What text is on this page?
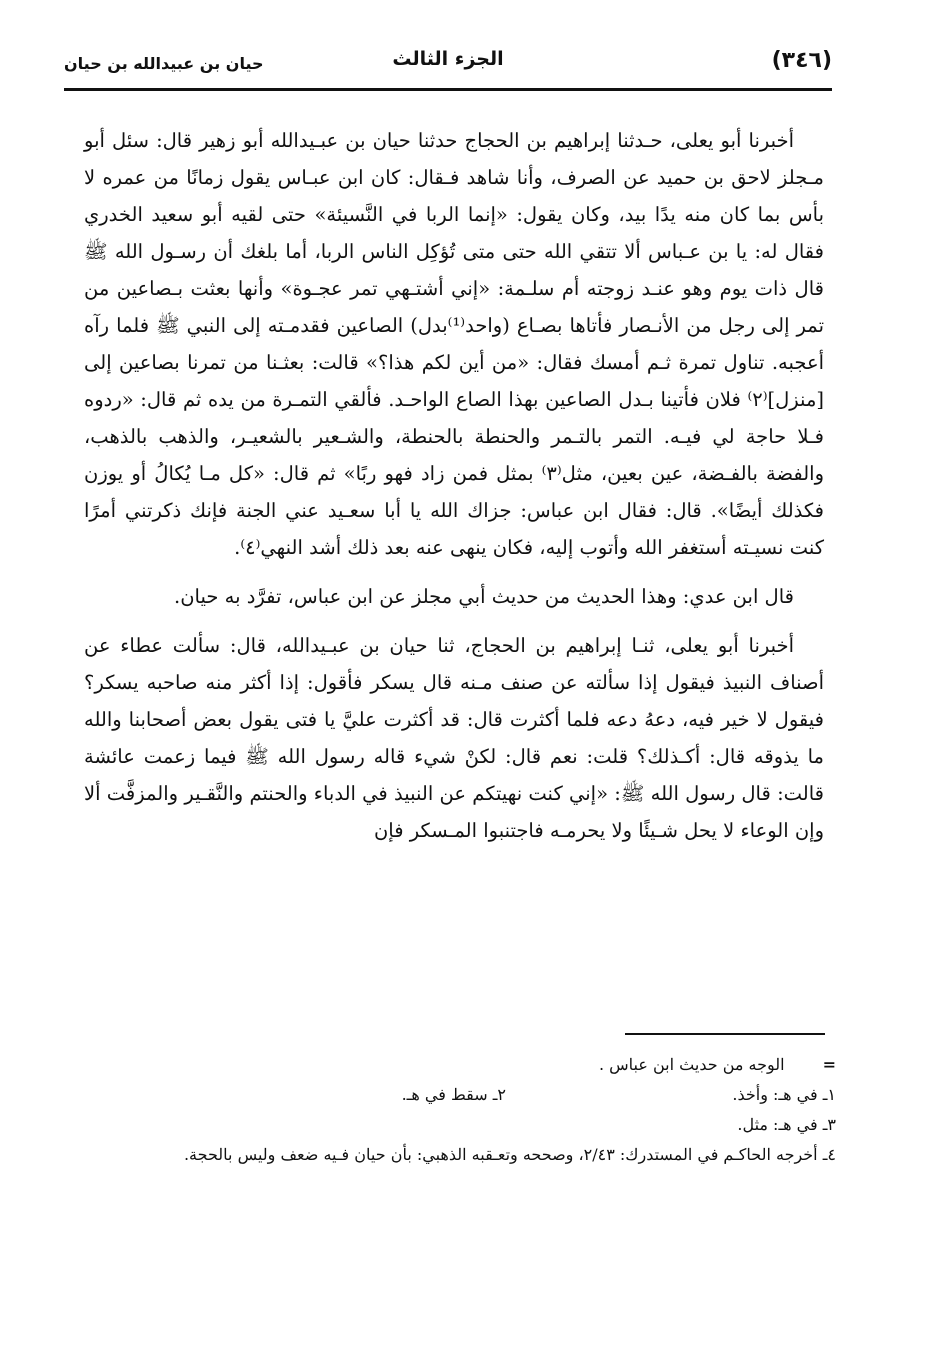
(٣٤٦)
الجزء الثالث
حيان بن عبيدالله بن حيان

أخبرنا أبو يعلى، حـدثنا إبراهيم بن الحجاج حدثنا حيان بن عبـيدالله أبو زهير قال: سئل أبو مـجلز لاحق بن حميد عن الصرف، وأنا شاهد فـقال: كان ابن عبـاس يقول زمانًا من عمره لا بأس بما كان منه يدًا بيد، وكان يقول: «إنما الربا في النَّسيئة» حتى لقيه أبو سعيد الخدري فقال له: يا بن عـباس ألا تتقي الله حتى متى تُؤكِل الناس الربا، أما بلغك أن رسـول الله ﷺ قال ذات يوم وهو عنـد زوجته أم سلـمة: «إني أشتـهي تمر عجـوة» وأنها بعثت بـصاعين من تمر إلى رجل من الأنـصار فأتاها بصـاع (واحد⁽¹⁾بدل) الصاعين فقدمـته إلى النبي ﷺ فلما رآه أعجبه. تناول تمرة ثـم أمسك فقال: «من أين لكم هذا؟» قالت: بعثـنا من تمرنا بصاعين إلى [منزل]⁽٢⁾ فلان فأتينا بـدل الصاعين بهذا الصاع الواحـد. فألقي التمـرة من يده ثم قال: «ردوه فـلا حاجة لي فيـه. التمر بالتـمر والحنطة بالحنطة، والشـعير بالشعيـر، والذهب بالذهب، والفضة بالفـضة، عين بعين، مثل⁽٣⁾ بمثل فمن زاد فهو ربًا» ثم قال: «كل مـا يُكالُ أو يوزن فكذلك أيضًا». قال: فقال ابن عباس: جزاك الله يا أبا سعـيد عني الجنة فإنك ذكرتني أمرًا كنت نسيـته أستغفر الله وأتوب إليه، فكان ينهى عنه بعد ذلك أشد النهي⁽٤⁾.

قال ابن عدي: وهذا الحديث من حديث أبي مجلز عن ابن عباس، تفرَّد به حيان.

أخبرنا أبو يعلى، ثنـا إبراهيم بن الحجاج، ثنا حيان بن عبـيدالله، قال: سألت عطاء عن أصناف النبيذ فيقول إذا سألته عن صنف مـنه قال يسكر فأقول: إذا أكثر منه صاحبه يسكر؟ فيقول لا خير فيه، دعهُ دعه فلما أكثرت قال: قد أكثرت عليَّ يا فتى يقول بعض أصحابنا والله ما يذوقه قال: أكـذلك؟ قلت: نعم قال: لكنْ شيء قاله رسول الله ﷺ فيما زعمت عائشة قالت: قال رسول الله ﷺ: «إني كنت نهيتكم عن النبيذ في الدباء والحنتم والنَّقـير والمزفَّت ألا وإن الوعاء لا يحل شـيئًا ولا يحرمـه فاجتنبوا المـسكر فإن

=
الوجه من حديث ابن عباس .
١ـ في هـ: وأخذ.
٢ـ سقط في هـ.
٣ـ في هـ: مثل.
٤ـ أخرجه الحاكـم في المستدرك: ٢/٤٣، وصححه وتعـقبه الذهبي: بأن حيان فـيه ضعف وليس بالحجة.
